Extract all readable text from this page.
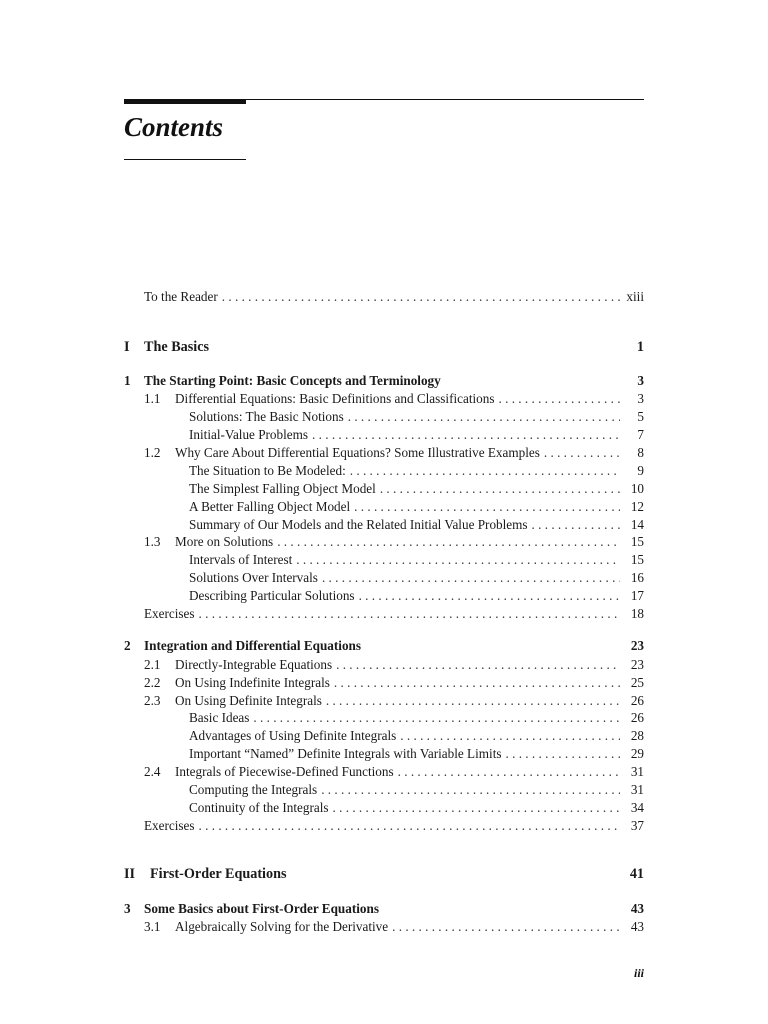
Contents
To the Reader . . .	xiii
I	The Basics	1
1	The Starting Point: Basic Concepts and Terminology	3
1.1	Differential Equations: Basic Definitions and Classifications . . .	3
Solutions: The Basic Notions . . .	5
Initial-Value Problems . . .	7
1.2	Why Care About Differential Equations? Some Illustrative Examples . . .	8
The Situation to Be Modeled: . . .	9
The Simplest Falling Object Model . . .	10
A Better Falling Object Model . . .	12
Summary of Our Models and the Related Initial Value Problems . . .	14
1.3	More on Solutions . . .	15
Intervals of Interest . . .	15
Solutions Over Intervals . . .	16
Describing Particular Solutions . . .	17
Exercises . . .	18
2	Integration and Differential Equations	23
2.1	Directly-Integrable Equations . . .	23
2.2	On Using Indefinite Integrals . . .	25
2.3	On Using Definite Integrals . . .	26
Basic Ideas . . .	26
Advantages of Using Definite Integrals . . .	28
Important “Named” Definite Integrals with Variable Limits . . .	29
2.4	Integrals of Piecewise-Defined Functions . . .	31
Computing the Integrals . . .	31
Continuity of the Integrals . . .	34
Exercises . . .	37
II	First-Order Equations	41
3	Some Basics about First-Order Equations	43
3.1	Algebraically Solving for the Derivative . . .	43
iii
